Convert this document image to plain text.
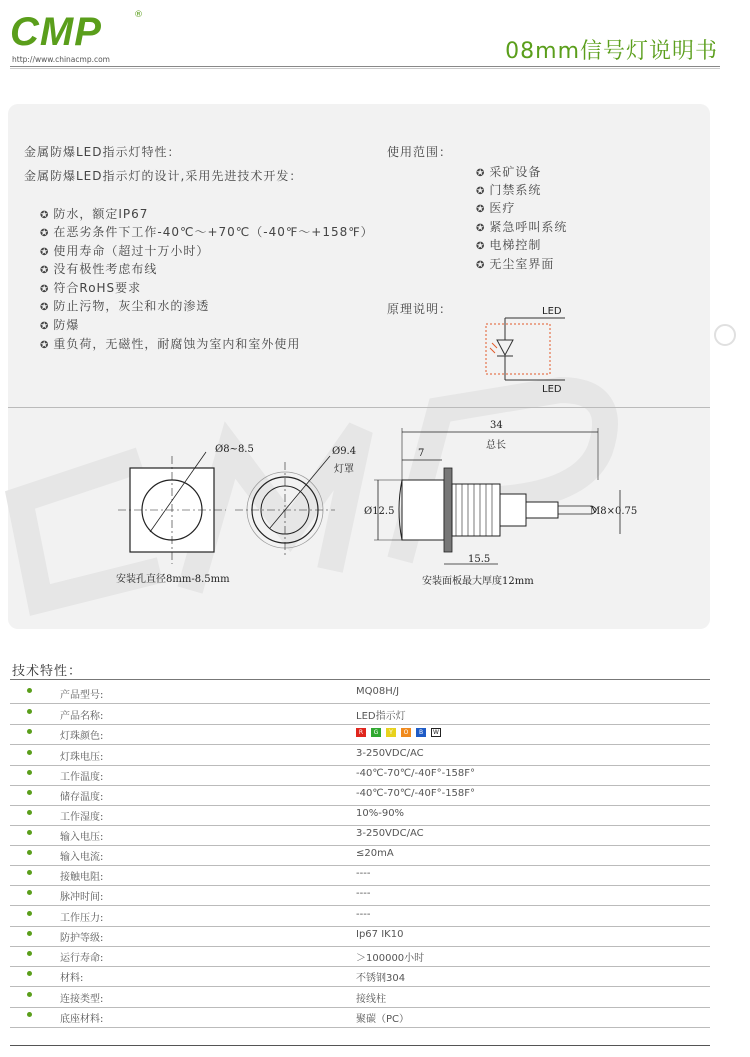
CMP	®
http://www.chinacmp.com	08mm信号灯说明书
金属防爆LED指示灯特性：
金属防爆LED指示灯的设计,采用先进技术开发：
✪ 防水，额定IP67
✪ 在恶劣条件下工作-40℃～+70℃（-40℉～+158℉）
✪ 使用寿命（超过十万小时）
✪ 没有极性考虑布线
✪ 符合RoHS要求
✪ 防止污物，灰尘和水的渗透
✪ 防爆
✪ 重负荷，无磁性，耐腐蚀为室内和室外使用
使用范围：
✪ 采矿设备
✪ 门禁系统
✪ 医疗
✪ 紧急呼叫系统
✪ 电梯控制
✪ 无尘室界面
原理说明：	LED
LED
Ø8~8.5
安装孔直径8mm-8.5mm
Ø9.4
灯罩
34
总长
7
Ø12.5	M8×0.75
15.5
安装面板最大厚度12mm
技术特性：
产品型号:	MQ08H/J
产品名称:	LED指示灯
灯珠颜色:	R G Y O B W
灯珠电压:	3-250VDC/AC
工作温度:	-40℃-70℃/-40F°-158F°
储存温度:	-40℃-70℃/-40F°-158F°
工作湿度:	10%-90%
输入电压:	3-250VDC/AC
输入电流:	≤20mA
接触电阻:	----
脉冲时间:	----
工作压力:	----
防护等级:	Ip67 IK10
运行寿命:	＞100000小时
材料:	不锈钢304
连接类型:	接线柱
底座材料:	聚碳（PC）
